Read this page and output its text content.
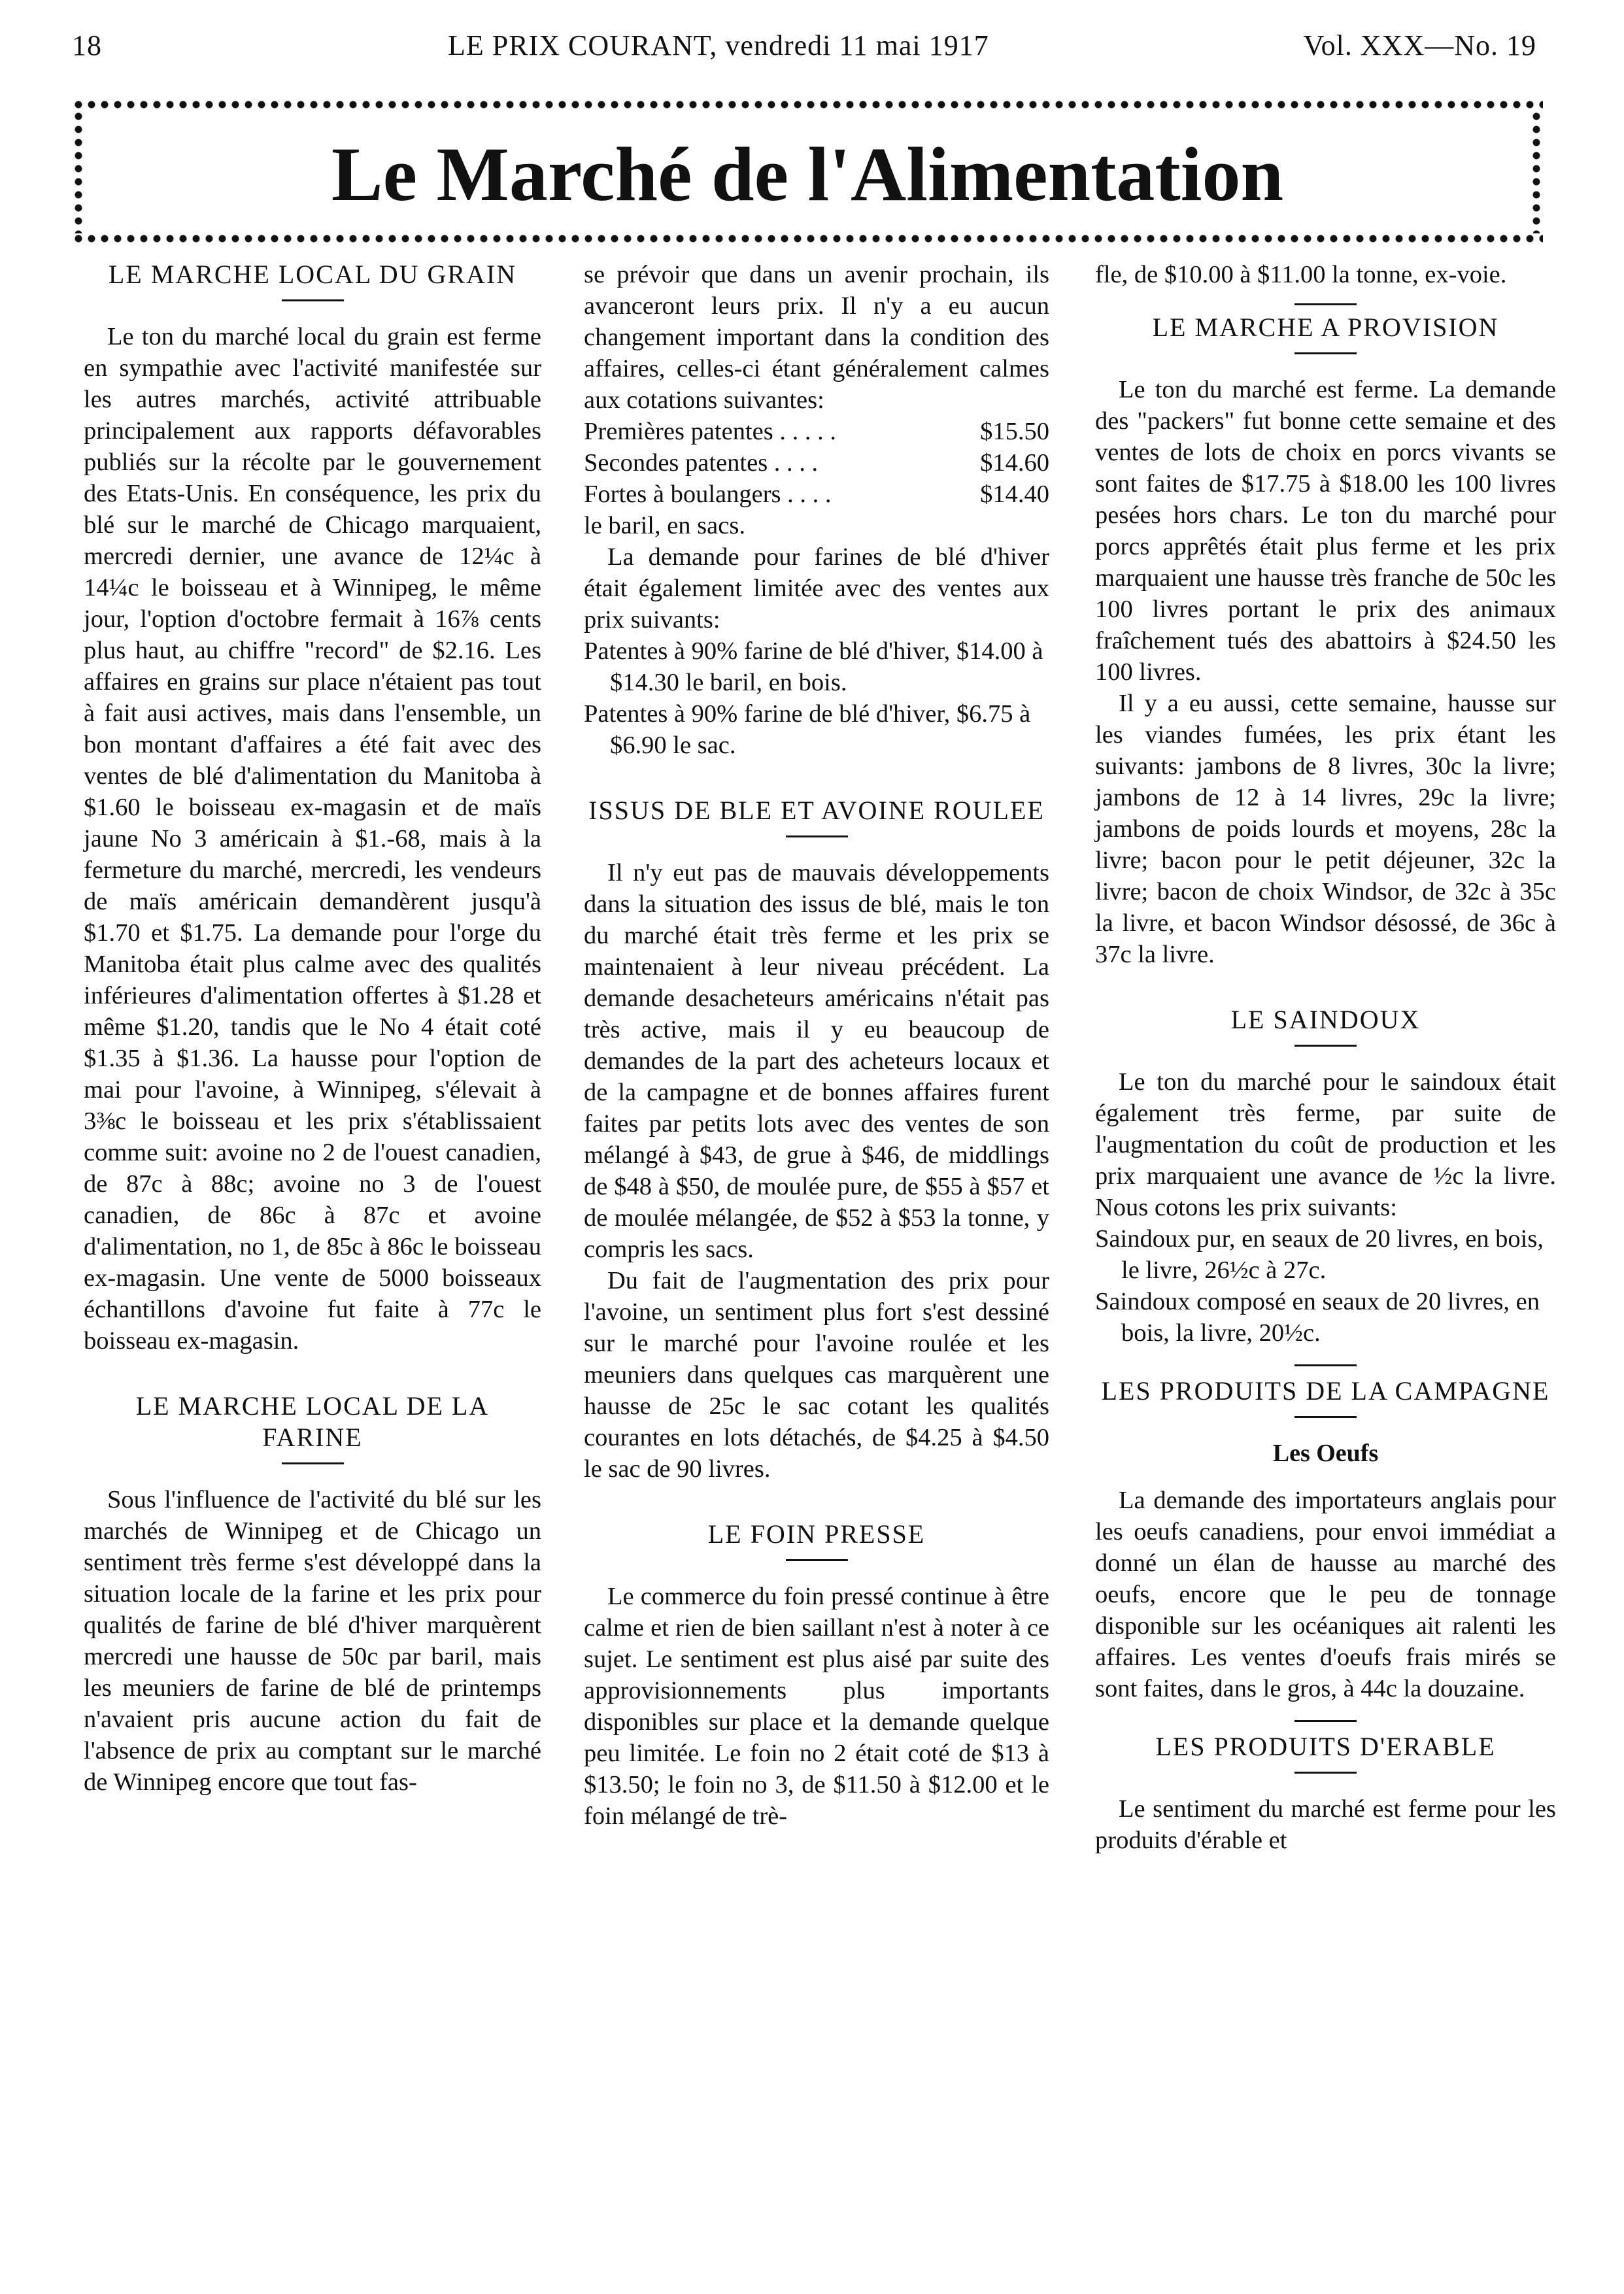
18	LE PRIX COURANT, vendredi 11 mai 1917	Vol. XXX—No. 19
Le Marché de l'Alimentation
LE MARCHE LOCAL DU GRAIN

Le ton du marché local du grain est ferme en sympathie avec l'activité manifestée sur les autres marchés, activité attribuable principalement aux rapports défavorables publiés sur la récolte par le gouvernement des Etats-Unis. En conséquence, les prix du blé sur le marché de Chicago marquaient, mercredi dernier, une avance de 12¼c à 14¼c le boisseau et à Winnipeg, le même jour, l'option d'octobre fermait à 16⅞ cents plus haut, au chiffre "record" de $2.16. Les affaires en grains sur place n'étaient pas tout à fait ausi actives, mais dans l'ensemble, un bon montant d'affaires a été fait avec des ventes de blé d'alimentation du Manitoba à $1.60 le boisseau ex-magasin et de maïs jaune No 3 américain à $1.-68, mais à la fermeture du marché, mercredi, les vendeurs de maïs américain demandèrent jusqu'à $1.70 et $1.75. La demande pour l'orge du Manitoba était plus calme avec des qualités inférieures d'alimentation offertes à $1.28 et même $1.20, tandis que le No 4 était coté $1.35 à $1.36. La hausse pour l'option de mai pour l'avoine, à Winnipeg, s'élevait à 3⅜c le boisseau et les prix s'établissaient comme suit: avoine no 2 de l'ouest canadien, de 87c à 88c; avoine no 3 de l'ouest canadien, de 86c à 87c et avoine d'alimentation, no 1, de 85c à 86c le boisseau ex-magasin. Une vente de 5000 boisseaux échantillons d'avoine fut faite à 77c le boisseau ex-magasin.

LE MARCHE LOCAL DE LA FARINE

Sous l'influence de l'activité du blé sur les marchés de Winnipeg et de Chicago un sentiment très ferme s'est développé dans la situation locale de la farine et les prix pour qualités de farine de blé d'hiver marquèrent mercredi une hausse de 50c par baril, mais les meuniers de farine de blé de printemps n'avaient pris aucune action du fait de l'absence de prix au comptant sur le marché de Winnipeg encore que tout fas-

se prévoir que dans un avenir prochain, ils avanceront leurs prix. Il n'y a eu aucun changement important dans la condition des affaires, celles-ci étant généralement calmes aux cotations suivantes:

Premières patentes . . . . .	$15.50
Secondes patentes . . . .	$14.60
Fortes à boulangers . . . .	$14.40

le baril, en sacs.

La demande pour farines de blé d'hiver était également limitée avec des ventes aux prix suivants:

Patentes à 90% farine de blé d'hiver, $14.00 à $14.30 le baril, en bois.

Patentes à 90% farine de blé d'hiver, $6.75 à $6.90 le sac.

ISSUS DE BLE ET AVOINE ROULEE

Il n'y eut pas de mauvais développements dans la situation des issus de blé, mais le ton du marché était très ferme et les prix se maintenaient à leur niveau précédent. La demande desacheteurs américains n'était pas très active, mais il y eu beaucoup de demandes de la part des acheteurs locaux et de la campagne et de bonnes affaires furent faites par petits lots avec des ventes de son mélangé à $43, de grue à $46, de middlings de $48 à $50, de moulée pure, de $55 à $57 et de moulée mélangée, de $52 à $53 la tonne, y compris les sacs.

Du fait de l'augmentation des prix pour l'avoine, un sentiment plus fort s'est dessiné sur le marché pour l'avoine roulée et les meuniers dans quelques cas marquèrent une hausse de 25c le sac cotant les qualités courantes en lots détachés, de $4.25 à $4.50 le sac de 90 livres.

LE FOIN PRESSE

Le commerce du foin pressé continue à être calme et rien de bien saillant n'est à noter à ce sujet. Le sentiment est plus aisé par suite des approvisionnements plus importants disponibles sur place et la demande quelque peu limitée. Le foin no 2 était coté de $13 à $13.50; le foin no 3, de $11.50 à $12.00 et le foin mélangé de trè-

fle, de $10.00 à $11.00 la tonne, ex-voie.

LE MARCHE A PROVISION

Le ton du marché est ferme. La demande des "packers" fut bonne cette semaine et des ventes de lots de choix en porcs vivants se sont faites de $17.75 à $18.00 les 100 livres pesées hors chars. Le ton du marché pour porcs apprêtés était plus ferme et les prix marquaient une hausse très franche de 50c les 100 livres portant le prix des animaux fraîchement tués des abattoirs à $24.50 les 100 livres.

Il y a eu aussi, cette semaine, hausse sur les viandes fumées, les prix étant les suivants: jambons de 8 livres, 30c la livre; jambons de 12 à 14 livres, 29c la livre; jambons de poids lourds et moyens, 28c la livre; bacon pour le petit déjeuner, 32c la livre; bacon de choix Windsor, de 32c à 35c la livre, et bacon Windsor désossé, de 36c à 37c la livre.

LE SAINDOUX

Le ton du marché pour le saindoux était également très ferme, par suite de l'augmentation du coût de production et les prix marquaient une avance de ½c la livre. Nous cotons les prix suivants:

Saindoux pur, en seaux de 20 livres, en bois, le livre, 26½c à 27c.

Saindoux composé en seaux de 20 livres, en bois, la livre, 20½c.

LES PRODUITS DE LA CAMPAGNE
Les Oeufs

La demande des importateurs anglais pour les oeufs canadiens, pour envoi immédiat a donné un élan de hausse au marché des oeufs, encore que le peu de tonnage disponible sur les océaniques ait ralenti les affaires. Les ventes d'oeufs frais mirés se sont faites, dans le gros, à 44c la douzaine.

LES PRODUITS D'ERABLE

Le sentiment du marché est ferme pour les produits d'érable et
